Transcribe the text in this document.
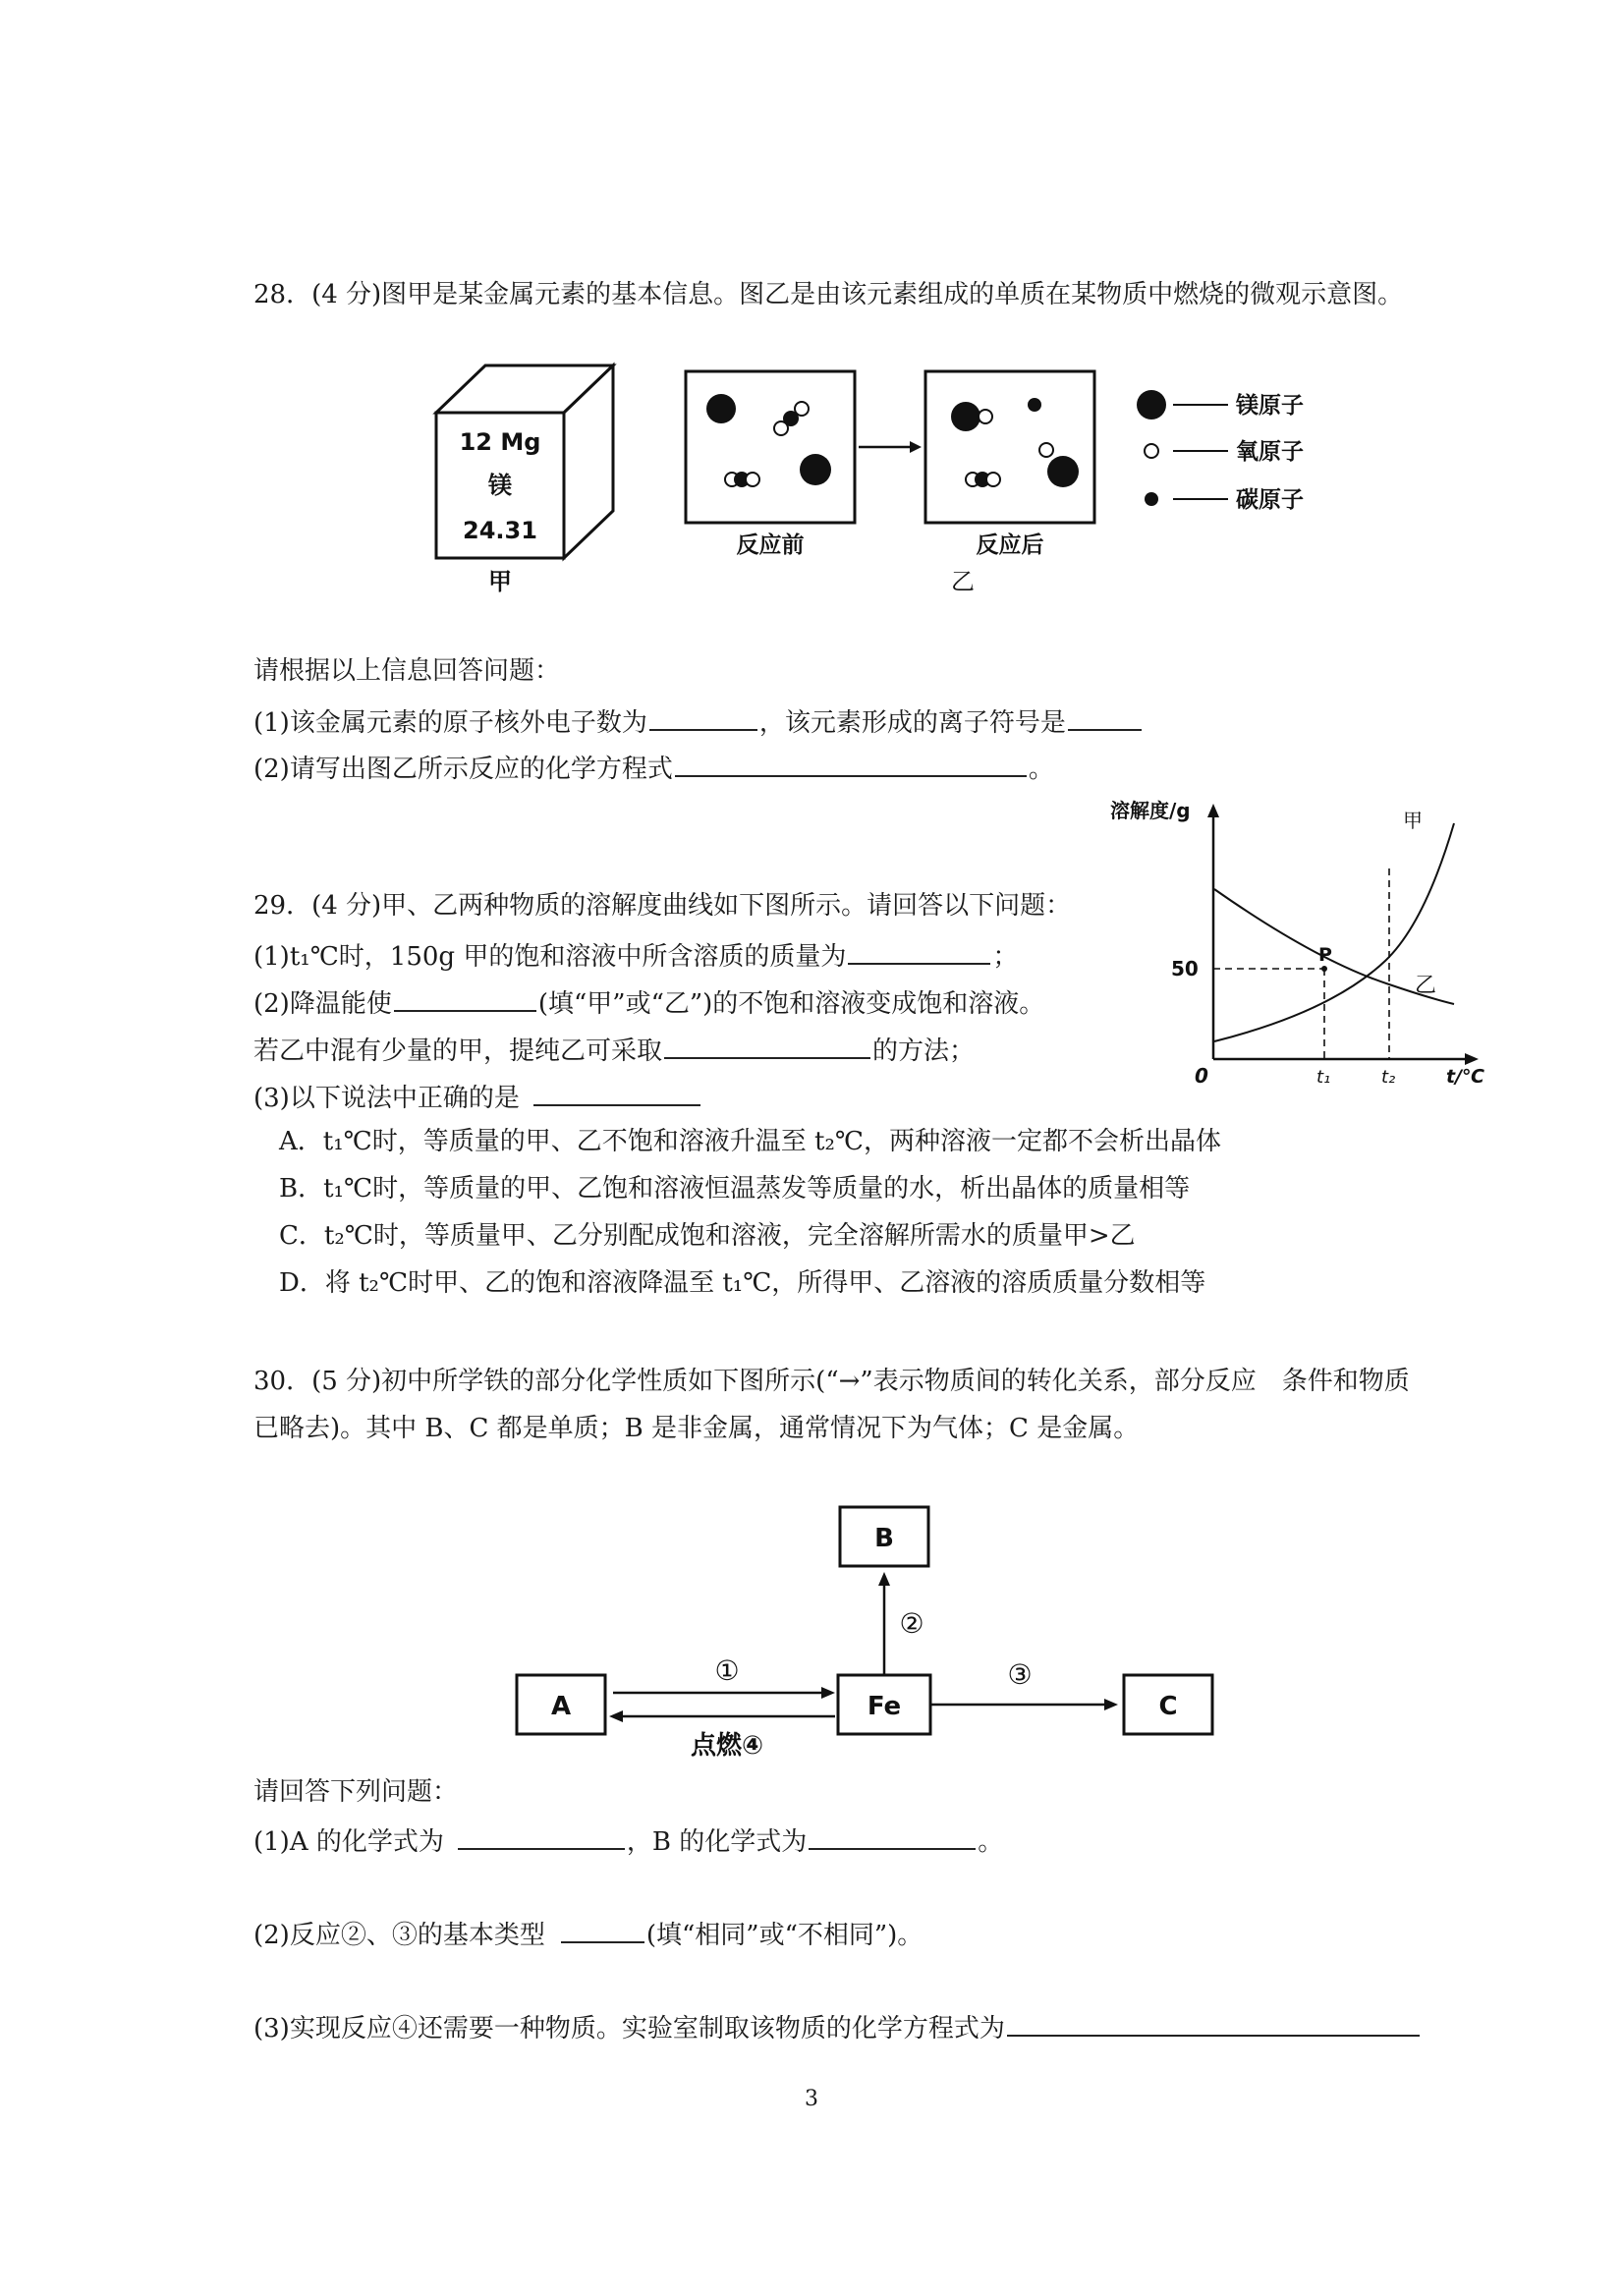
28．(4 分)图甲是某金属元素的基本信息。图乙是由该元素组成的单质在某物质中燃烧的微观示意图。
12 Mg
镁
24.31
甲
反应前	反应后
乙
镁原子
氧原子
碳原子
请根据以上信息回答问题：
(1)该金属元素的原子核外电子数为	，该元素形成的离子符号是
(2)请写出图乙所示反应的化学方程式	。
29．(4 分)甲、乙两种物质的溶解度曲线如下图所示。请回答以下问题：
(1)t₁℃时，150g 甲的饱和溶液中所含溶质的质量为	；
(2)降温能使	(填“甲”或“乙”)的不饱和溶液变成饱和溶液。
若乙中混有少量的甲，提纯乙可采取	的方法；
(3)以下说法中正确的是
A．t₁℃时，等质量的甲、乙不饱和溶液升温至 t₂℃，两种溶液一定都不会析出晶体
B．t₁℃时，等质量的甲、乙饱和溶液恒温蒸发等质量的水，析出晶体的质量相等
C．t₂℃时，等质量甲、乙分别配成饱和溶液，完全溶解所需水的质量甲>乙
D．将 t₂℃时甲、乙的饱和溶液降温至 t₁℃，所得甲、乙溶液的溶质质量分数相等
溶解度/g	甲
乙
P
50
0	t₁	t₂	t/℃
30．(5 分)初中所学铁的部分化学性质如下图所示(“→”表示物质间的转化关系，部分反应　条件和物质
已略去)。其中 B、C 都是单质；B 是非金属，通常情况下为气体；C 是金属。
B
A	Fe	C
①
点燃④
②
③
请回答下列问题：
(1)A 的化学式为	，B 的化学式为	。
(2)反应②、③的基本类型	(填“相同”或“不相同”)。
(3)实现反应④还需要一种物质。实验室制取该物质的化学方程式为
3
